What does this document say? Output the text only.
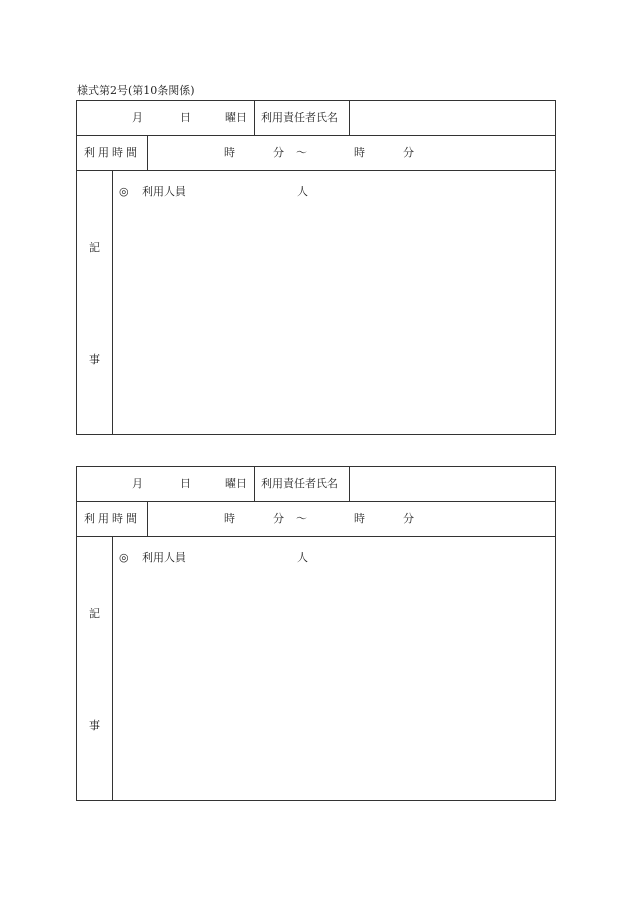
様式第2号(第10条関係)
月	日	曜日 利用責任者氏名
利用時間	時	分 ～	時	分
記
事
◎ 利用人員	人
月	日	曜日 利用責任者氏名
利用時間	時	分 ～	時	分
記
事
◎ 利用人員	人
